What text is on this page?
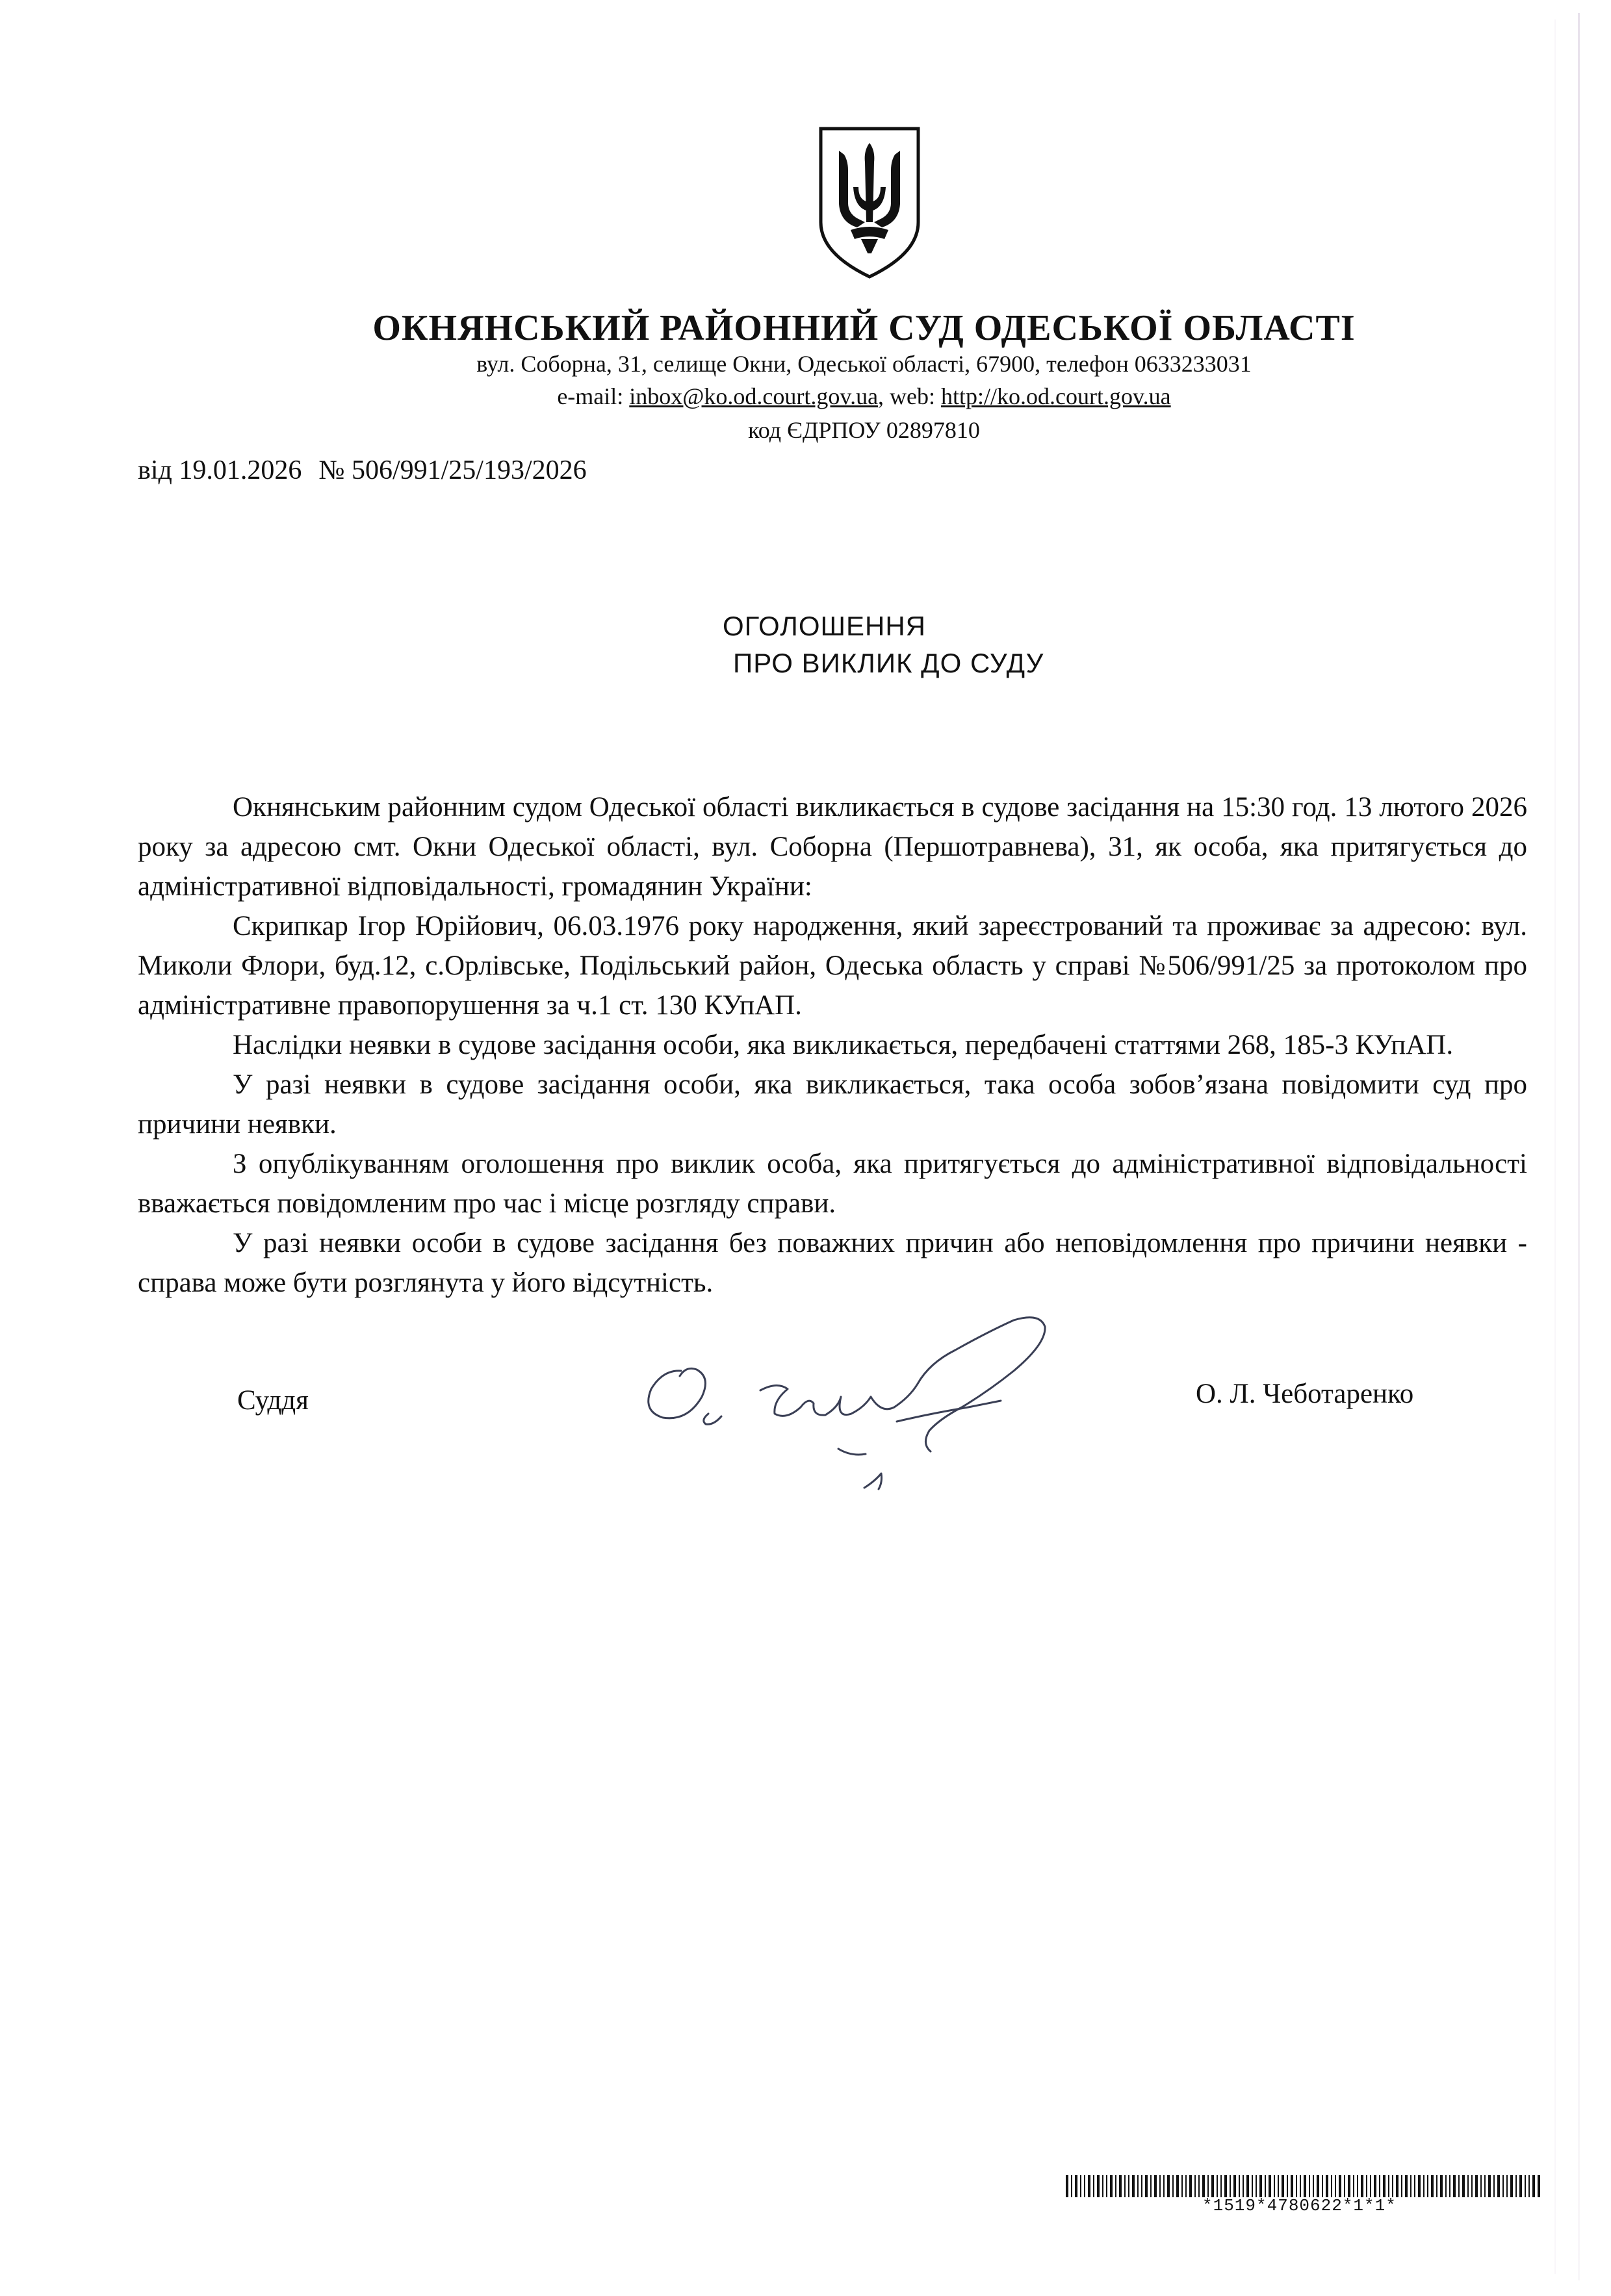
ОКНЯНСЬКИЙ РАЙОННИЙ СУД ОДЕСЬКОЇ ОБЛАСТІ
вул. Соборна, 31, селище Окни, Одеської області, 67900, телефон 0633233031
e-mail: inbox@ko.od.court.gov.ua, web: http://ko.od.court.gov.ua
код ЄДРПОУ 02897810
від 19.01.2026 № 506/991/25/193/2026
ОГОЛОШЕННЯ
ПРО ВИКЛИК ДО СУДУ

Окнянським районним судом Одеської області викликається в судове засідання на 15:30 год. 13 лютого 2026 року за адресою смт. Окни Одеської області, вул. Соборна (Першотравнева), 31, як особа, яка притягується до адміністративної відповідальності, громадянин України:

Скрипкар Ігор Юрійович, 06.03.1976 року народження, який зареєстрований та проживає за адресою: вул. Миколи Флори, буд.12, с.Орлівське, Подільський район, Одеська область у справі №506/991/25 за протоколом про адміністративне правопорушення за ч.1 ст. 130 КУпАП.

Наслідки неявки в судове засідання особи, яка викликається, передбачені статтями 268, 185-3 КУпАП.

У разі неявки в судове засідання особи, яка викликається, така особа зобов’язана повідомити суд про причини неявки.

З опублікуванням оголошення про виклик особа, яка притягується до адміністративної відповідальності вважається повідомленим про час і місце розгляду справи.

У разі неявки особи в судове засідання без поважних причин або неповідомлення про причини неявки - справа може бути розглянута у його відсутність.

Суддя	О. Л. Чеботаренко
*1519*4780622*1*1*
